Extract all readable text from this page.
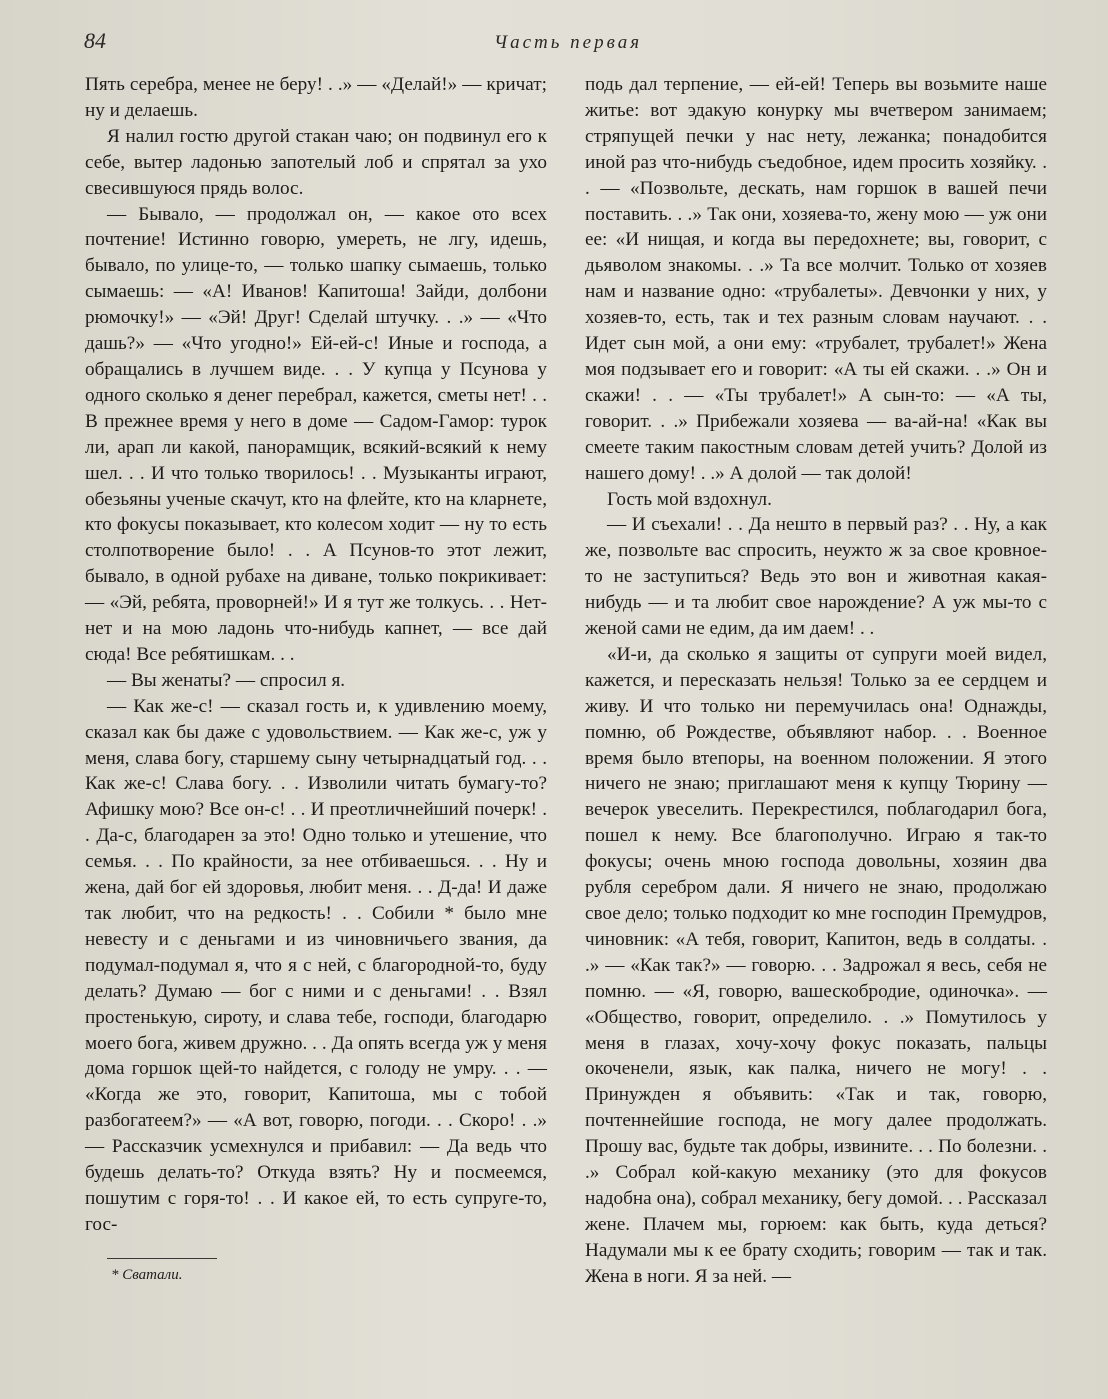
84	Часть первая

Пять серебра, менее не беру! . .» — «Делай!» — кричат; ну и делаешь.

Я налил гостю другой стакан чаю; он подвинул его к себе, вытер ладонью запотелый лоб и спрятал за ухо свесившуюся прядь волос.

— Бывало, — продолжал он, — какое ото всех почтение! Истинно говорю, умереть, не лгу, идешь, бывало, по улице-то, — только шапку сымаешь, только сымаешь: — «А! Иванов! Капитоша! Зайди, долбони рюмочку!» — «Эй! Друг! Сделай штучку. . .» — «Что дашь?» — «Что угодно!» Ей-ей-с! Иные и господа, а обращались в лучшем виде. . . У купца у Псунова у одного сколько я денег перебрал, кажется, сметы нет! . . В прежнее время у него в доме — Садом-Гамор: турок ли, арап ли какой, панорамщик, всякий-всякий к нему шел. . . И что только творилось! . . Музыканты играют, обезьяны ученые скачут, кто на флейте, кто на кларнете, кто фокусы показывает, кто колесом ходит — ну то есть столпотворение было! . . А Псунов-то этот лежит, бывало, в одной рубахе на диване, только покрикивает: — «Эй, ребята, проворней!» И я тут же толкусь. . . Нет-нет и на мою ладонь что-нибудь капнет, — все дай сюда! Все ребятишкам. . .

— Вы женаты? — спросил я.

— Как же-с! — сказал гость и, к удивлению моему, сказал как бы даже с удовольствием. — Как же-с, уж у меня, слава богу, старшему сыну четырнадцатый год. . . Как же-с! Слава богу. . . Изволили читать бумагу-то? Афишку мою? Все он-с! . . И преотличнейший почерк! . . Да-с, благодарен за это! Одно только и утешение, что семья. . . По крайности, за нее отбиваешься. . . Ну и жена, дай бог ей здоровья, любит меня. . . Д-да! И даже так любит, что на редкость! . . Собили * было мне невесту и с деньгами и из чиновничьего звания, да подумал-подумал я, что я с ней, с благородной-то, буду делать? Думаю — бог с ними и с деньгами! . . Взял простенькую, сироту, и слава тебе, господи, благодарю моего бога, живем дружно. . . Да опять всегда уж у меня дома горшок щей-то найдется, с голоду не умру. . . — «Когда же это, говорит, Капитоша, мы с тобой разбогатеем?» — «А вот, говорю, погоди. . . Скоро! . .» — Рассказчик усмехнулся и прибавил: — Да ведь что будешь делать-то? Откуда взять? Ну и посмеемся, пошутим с горя-то! . . И какое ей, то есть супруге-то, гос-

подь дал терпение, — ей-ей! Теперь вы возьмите наше житье: вот эдакую конурку мы вчетвером занимаем; стряпущей печки у нас нету, лежанка; понадобится иной раз что-нибудь съедобное, идем просить хозяйку. . . — «Позвольте, дескать, нам горшок в вашей печи поставить. . .» Так они, хозяева-то, жену мою — уж они ее: «И нищая, и когда вы передохнете; вы, говорит, с дьяволом знакомы. . .» Та все молчит. Только от хозяев нам и название одно: «трубалеты». Девчонки у них, у хозяев-то, есть, так и тех разным словам научают. . . Идет сын мой, а они ему: «трубалет, трубалет!» Жена моя подзывает его и говорит: «А ты ей скажи. . .» Он и скажи! . . — «Ты трубалет!» А сын-то: — «А ты, говорит. . .» Прибежали хозяева — ва-ай-на! «Как вы смеете таким пакостным словам детей учить? Долой из нашего дому! . .» А долой — так долой!

Гость мой вздохнул.

— И съехали! . . Да нешто в первый раз? . . Ну, а как же, позвольте вас спросить, неужто ж за свое кровное-то не заступиться? Ведь это вон и животная какая-нибудь — и та любит свое нарождение? А уж мы-то с женой сами не едим, да им даем! . .

«И-и, да сколько я защиты от супруги моей видел, кажется, и пересказать нельзя! Только за ее сердцем и живу. И что только ни перемучилась она! Однажды, помню, об Рождестве, объявляют набор. . . Военное время было втепоры, на военном положении. Я этого ничего не знаю; приглашают меня к купцу Тюрину — вечерок увеселить. Перекрестился, поблагодарил бога, пошел к нему. Все благополучно. Играю я так-то фокусы; очень мною господа довольны, хозяин два рубля серебром дали. Я ничего не знаю, продолжаю свое дело; только подходит ко мне господин Премудров, чиновник: «А тебя, говорит, Капитон, ведь в солдаты. . .» — «Как так?» — говорю. . . Задрожал я весь, себя не помню. — «Я, говорю, вашескобродие, одиночка». — «Общество, говорит, определило. . .» Помутилось у меня в глазах, хочу-хочу фокус показать, пальцы окоченели, язык, как палка, ничего не могу! . . Принужден я объявить: «Так и так, говорю, почтеннейшие господа, не могу далее продолжать. Прошу вас, будьте так добры, извините. . . По болезни. . .» Собрал кой-какую механику (это для фокусов надобна она), собрал механику, бегу домой. . . Рассказал жене. Плачем мы, горюем: как быть, куда деться? Надумали мы к ее брату сходить; говорим — так и так. Жена в ноги. Я за ней. —

* Сватали.
